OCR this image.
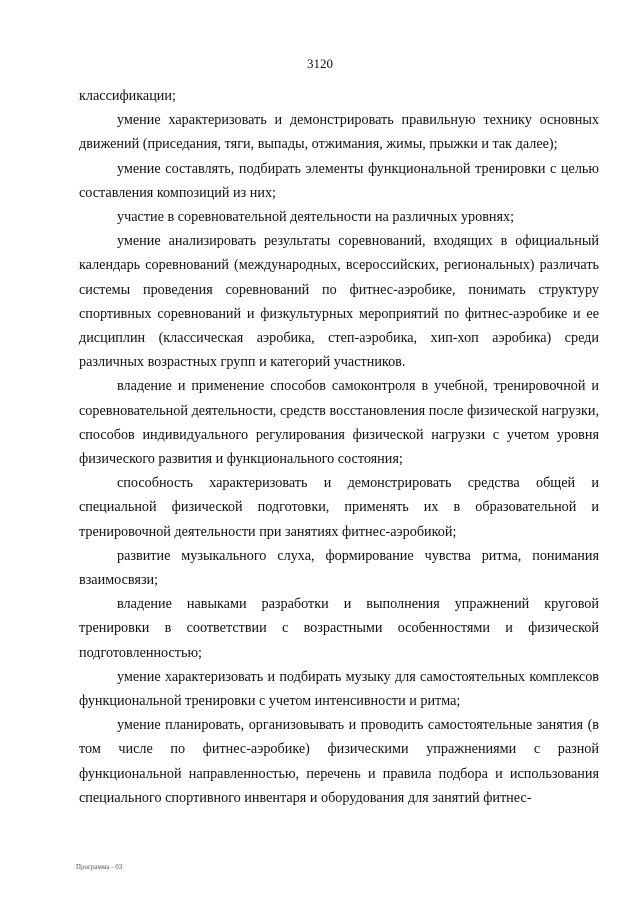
3120

классификации;

умение характеризовать и демонстрировать правильную технику основных движений (приседания, тяги, выпады, отжимания, жимы, прыжки и так далее);

умение составлять, подбирать элементы функциональной тренировки с целью составления композиций из них;

участие в соревновательной деятельности на различных уровнях;

умение анализировать результаты соревнований, входящих в официальный календарь соревнований (международных, всероссийских, региональных) различать системы проведения соревнований по фитнес-аэробике, понимать структуру спортивных соревнований и физкультурных мероприятий по фитнес-аэробике и ее дисциплин (классическая аэробика, степ-аэробика, хип-хоп аэробика) среди различных возрастных групп и категорий участников.

владение и применение способов самоконтроля в учебной, тренировочной и соревновательной деятельности, средств восстановления после физической нагрузки, способов индивидуального регулирования физической нагрузки с учетом уровня физического развития и функционального состояния;

способность характеризовать и демонстрировать средства общей и специальной физической подготовки, применять их в образовательной и тренировочной деятельности при занятиях фитнес-аэробикой;

развитие музыкального слуха, формирование чувства ритма, понимания взаимосвязи;

владение навыками разработки и выполнения упражнений круговой тренировки в соответствии с возрастными особенностями и физической подготовленностью;

умение характеризовать и подбирать музыку для самостоятельных комплексов функциональной тренировки с учетом интенсивности и ритма;

умение планировать, организовывать и проводить самостоятельные занятия (в том числе по фитнес-аэробике) физическими упражнениями с разной функциональной направленностью, перечень и правила подбора и использования специального спортивного инвентаря и оборудования для занятий фитнес-

Программа - 03
